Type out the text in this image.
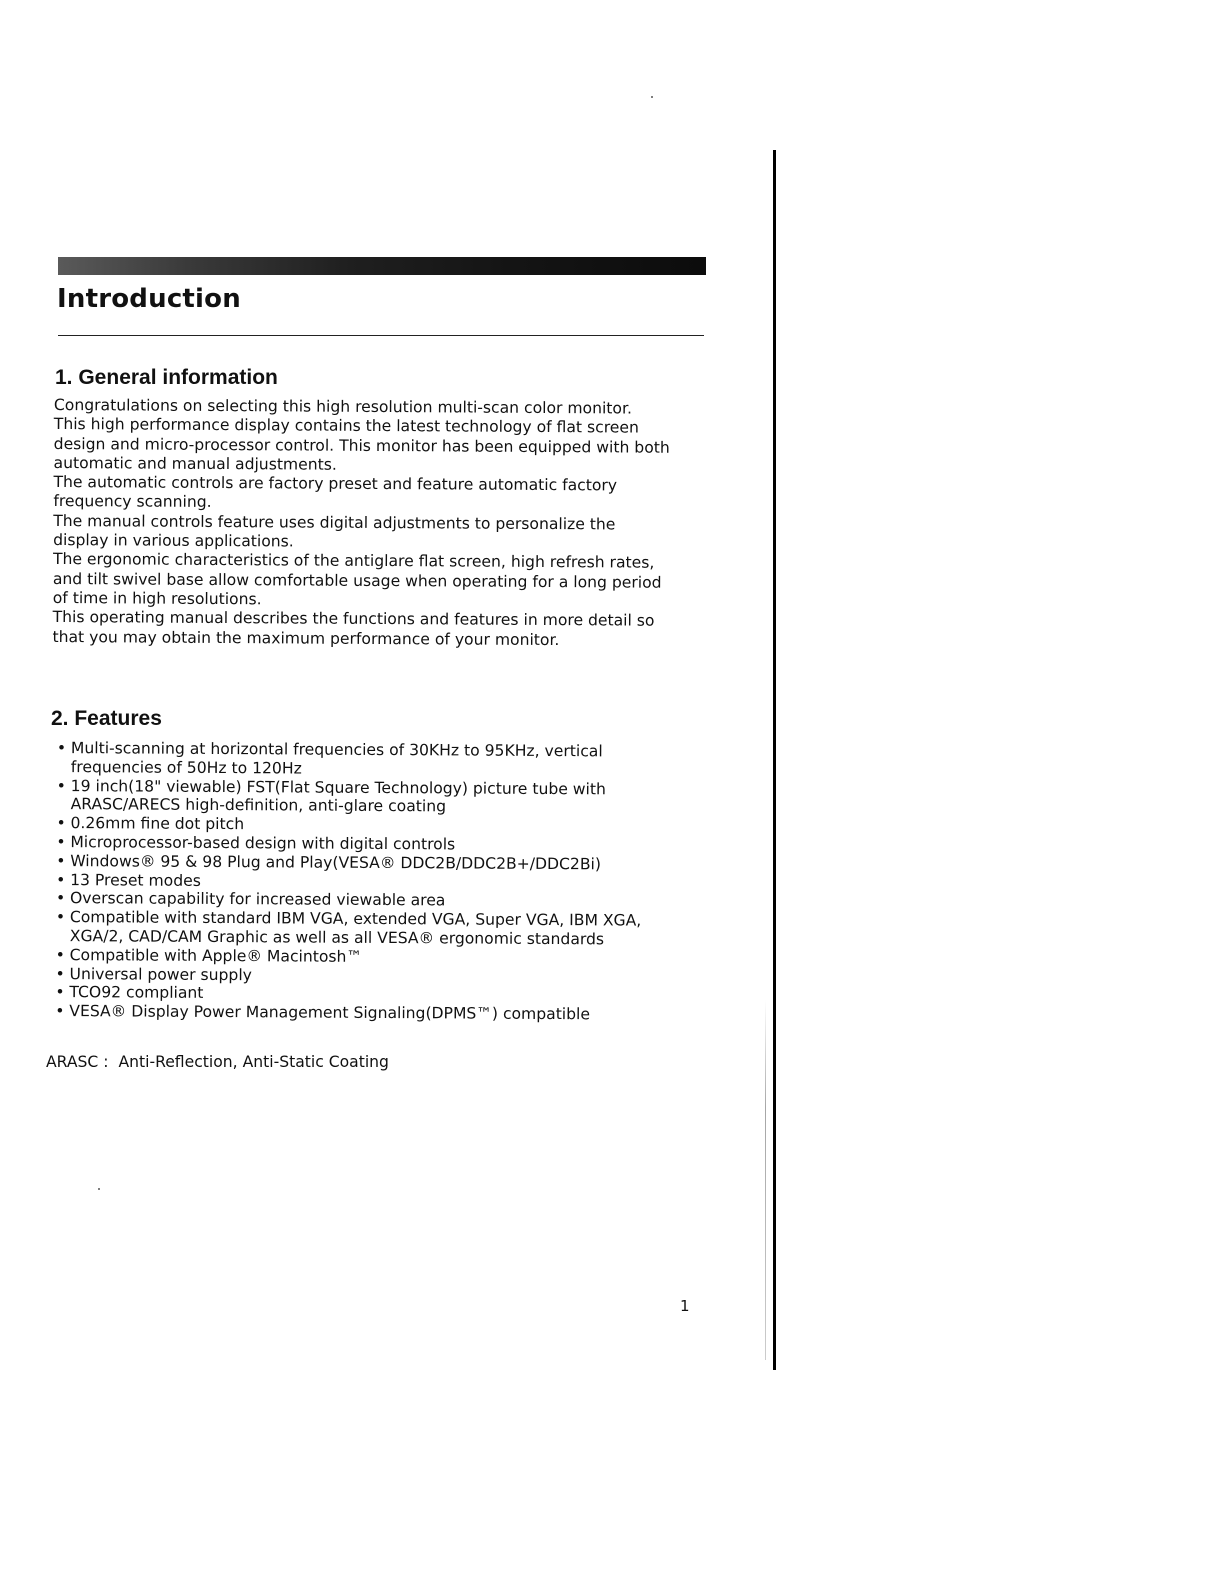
Introduction
1. General information

Congratulations on selecting this high resolution multi-scan color monitor.

This high performance display contains the latest technology of flat screen design and micro-processor control. This monitor has been equipped with both automatic and manual adjustments.

The automatic controls are factory preset and feature automatic factory frequency scanning.

The manual controls feature uses digital adjustments to personalize the display in various applications.

The ergonomic characteristics of the antiglare flat screen, high refresh rates, and tilt swivel base allow comfortable usage when operating for a long period of time in high resolutions.

This operating manual describes the functions and features in more detail so that you may obtain the maximum performance of your monitor.

2. Features
• Multi-scanning at horizontal frequencies of 30KHz to 95KHz, vertical frequencies of 50Hz to 120Hz
• 19 inch(18" viewable) FST(Flat Square Technology) picture tube with ARASC/ARECS high-definition, anti-glare coating
• 0.26mm fine dot pitch
• Microprocessor-based design with digital controls
• Windows® 95 & 98 Plug and Play(VESA® DDC2B/DDC2B+/DDC2Bi)
• 13 Preset modes
• Overscan capability for increased viewable area
• Compatible with standard IBM VGA, extended VGA, Super VGA, IBM XGA, XGA/2, CAD/CAM Graphic as well as all VESA® ergonomic standards
• Compatible with Apple® Macintosh™
• Universal power supply
• TCO92 compliant
• VESA® Display Power Management Signaling(DPMS™) compatible
ARASC :  Anti-Reflection, Anti-Static Coating
1
